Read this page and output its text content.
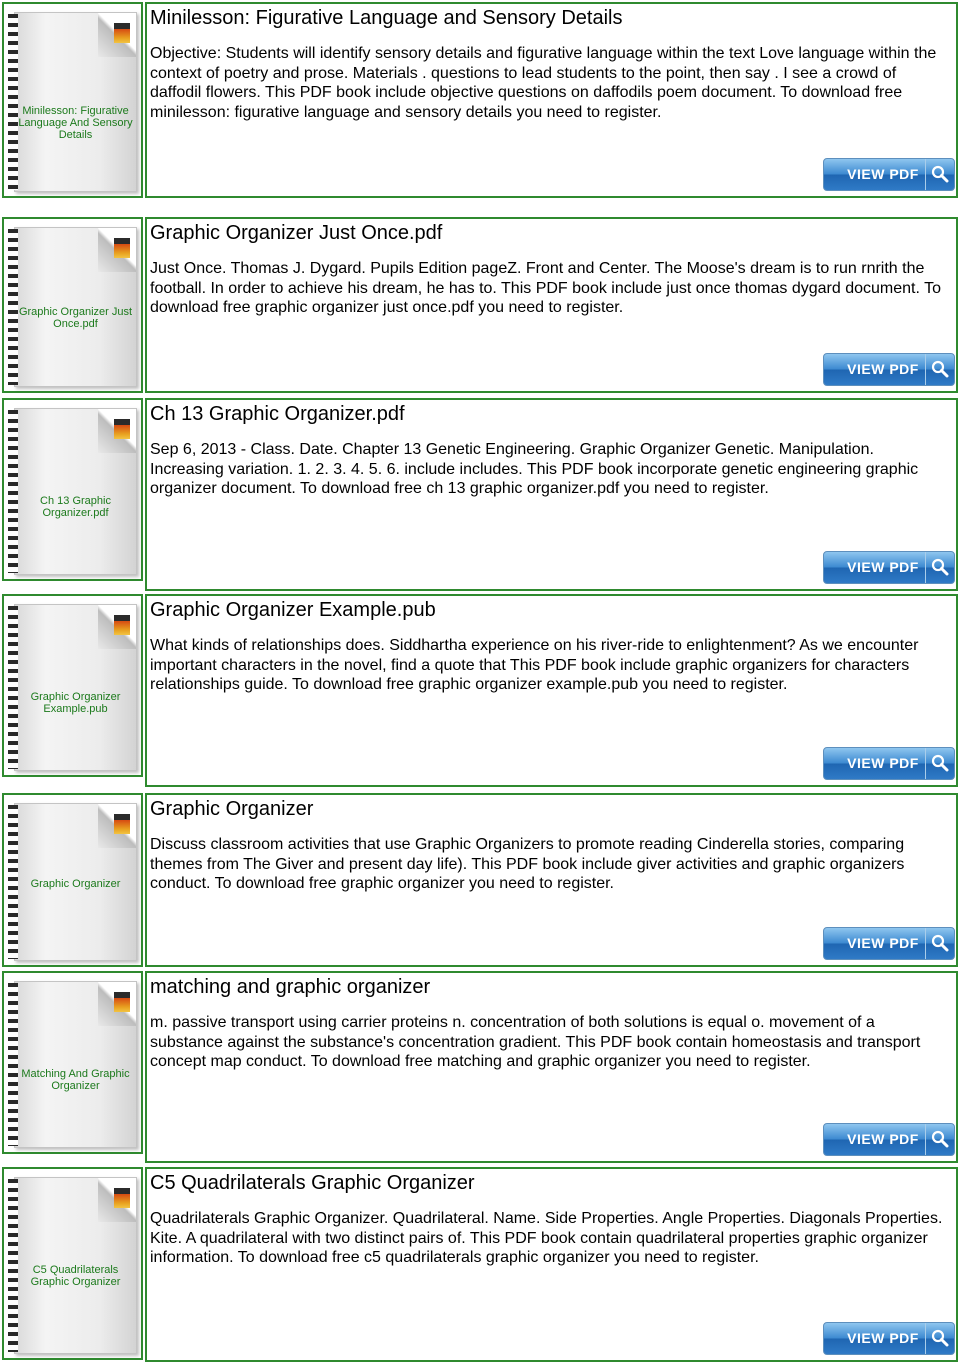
Minilesson: Figurative Language And Sensory Details
Minilesson: Figurative Language and Sensory Details
Objective: Students will identify sensory details and figurative language within the text Love language within the context of poetry and prose. Materials . questions to lead students to the point, then say . I see a crowd of daffodil flowers. This PDF book include objective questions on daffodils poem document. To download free minilesson: figurative language and sensory details you need to register.
VIEW PDF
Graphic Organizer Just Once.pdf
Graphic Organizer Just Once.pdf
Just Once. Thomas J. Dygard. Pupils Edition pageZ. Front and Center. The Moose's dream is to run rnrith the football. In order to achieve his dream, he has to. This PDF book include just once thomas dygard document. To download free graphic organizer just once.pdf you need to register.
VIEW PDF
Ch 13 Graphic Organizer.pdf
Ch 13 Graphic Organizer.pdf
Sep 6, 2013 - Class. Date. Chapter 13 Genetic Engineering. Graphic Organizer Genetic. Manipulation. Increasing variation. 1. 2. 3. 4. 5. 6. include includes. This PDF book incorporate genetic engineering graphic organizer document. To download free ch 13 graphic organizer.pdf you need to register.
VIEW PDF
Graphic Organizer Example.pub
Graphic Organizer Example.pub
What kinds of relationships does. Siddhartha experience on his river-ride to enlightenment? As we encounter important characters in the novel, find a quote that This PDF book include graphic organizers for characters relationships guide. To download free graphic organizer example.pub you need to register.
VIEW PDF
Graphic Organizer
Graphic Organizer
Discuss classroom activities that use Graphic Organizers to promote reading Cinderella stories, comparing themes from The Giver and present day life). This PDF book include giver activities and graphic organizers conduct. To download free graphic organizer you need to register.
VIEW PDF
Matching And Graphic Organizer
matching and graphic organizer
m. passive transport using carrier proteins n. concentration of both solutions is equal o. movement of a substance against the substance's concentration gradient. This PDF book contain homeostasis and transport concept map conduct. To download free matching and graphic organizer you need to register.
VIEW PDF
C5 Quadrilaterals Graphic Organizer
C5 Quadrilaterals Graphic Organizer
Quadrilaterals Graphic Organizer. Quadrilateral. Name. Side Properties. Angle Properties. Diagonals Properties. Kite. A quadrilateral with two distinct pairs of. This PDF book contain quadrilateral properties graphic organizer information. To download free c5 quadrilaterals graphic organizer you need to register.
VIEW PDF
